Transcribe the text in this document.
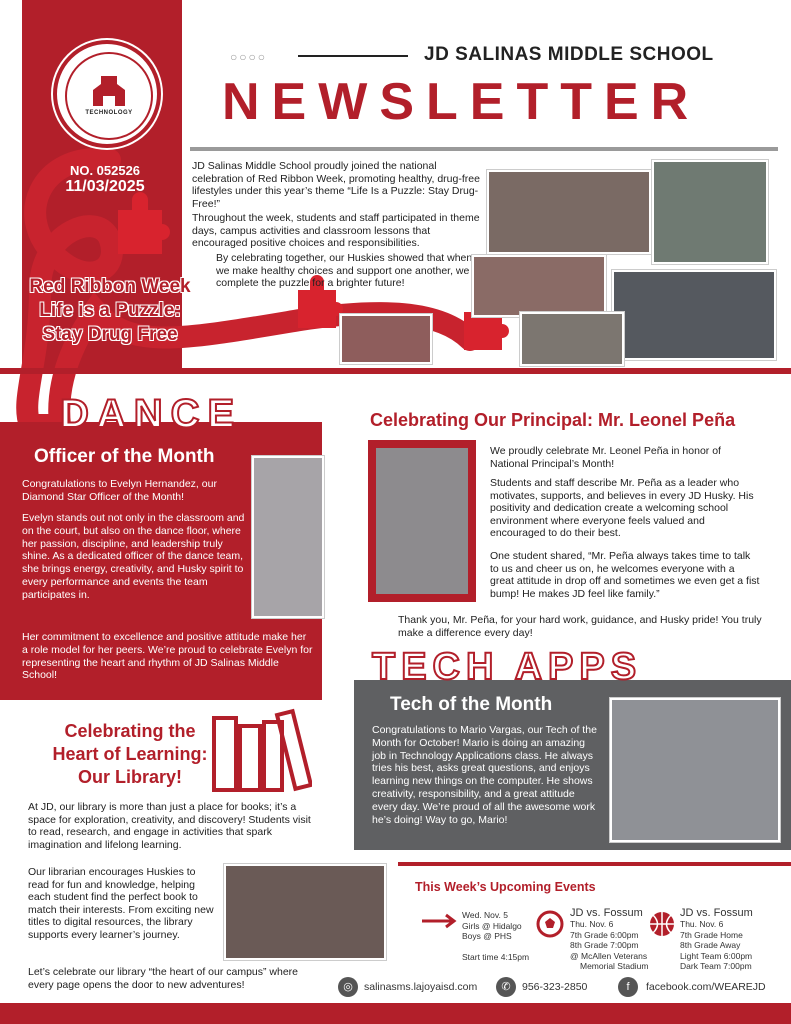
TECHNOLOGY
NO. 052526
11/03/2025
○○○○	JD SALINAS MIDDLE SCHOOL
NEWSLETTER
JD Salinas Middle School proudly joined the national celebration of Red Ribbon Week, promoting healthy, drug-free lifestyles under this year’s theme “Life Is a Puzzle: Stay Drug-Free!”
Throughout the week, students and staff participated in theme days, campus activities and classroom lessons that encouraged positive choices and responsibilities.
By celebrating together, our Huskies showed that when we make healthy choices and support one another, we complete the puzzle for a brighter future!
Red Ribbon Week
Life is a Puzzle:
Stay Drug Free
DANCE
Officer of the Month
Congratulations to Evelyn Hernandez, our Diamond Star Officer of the Month!
Evelyn stands out not only in the classroom and on the court, but also on the dance floor, where her passion, discipline, and leadership truly shine. As a dedicated officer of the dance team, she brings energy, creativity, and Husky spirit to every performance and events the team participates in.
Her commitment to excellence and positive attitude make her a role model for her peers. We’re proud to celebrate Evelyn for representing the heart and rhythm of JD Salinas Middle School!
Celebrating Our Principal: Mr. Leonel Peña
We proudly celebrate Mr. Leonel Peña in honor of National Principal’s Month!
Students and staff describe Mr. Peña as a leader who motivates, supports, and believes in every JD Husky. His positivity and dedication create a welcoming school environment where everyone feels valued and encouraged to do their best.
One student shared, “Mr. Peña always takes time to talk to us and cheer us on, he welcomes everyone with a great attitude in drop off and sometimes we even get a fist bump! He makes JD feel like family.”
Thank you, Mr. Peña, for your hard work, guidance, and Husky pride! You truly make a difference every day!
TECH APPS
Tech of the Month
Congratulations to Mario Vargas, our Tech of the Month for October! Mario is doing an amazing job in Technology Applications class. He always tries his best, asks great questions, and enjoys learning new things on the computer. He shows creativity, responsibility, and a great attitude every day. We’re proud of all the awesome work he’s doing! Way to go, Mario!
Celebrating the
Heart of Learning:
Our Library!
At JD, our library is more than just a place for books; it’s a space for exploration, creativity, and discovery! Students visit to read, research, and engage in activities that spark imagination and lifelong learning.
Our librarian encourages Huskies to read for fun and knowledge, helping each student find the perfect book to match their interests. From exciting new titles to digital resources, the library supports every learner’s journey.
Let’s celebrate our library “the heart of our campus” where every page opens the door to new adventures!
This Week’s Upcoming Events
Wed. Nov. 5
Girls @ Hidalgo
Boys @ PHS
Start time 4:15pm
JD vs. Fossum
Thu. Nov. 6
7th Grade 6:00pm
8th Grade 7:00pm
@ McAllen Veterans
Memorial Stadium
JD vs. Fossum
Thu. Nov. 6
7th Grade Home
8th Grade Away
Light Team 6:00pm
Dark Team 7:00pm
◎	salinasms.lajoyaisd.com	✆	956-323-2850	f	facebook.com/WEAREJD
